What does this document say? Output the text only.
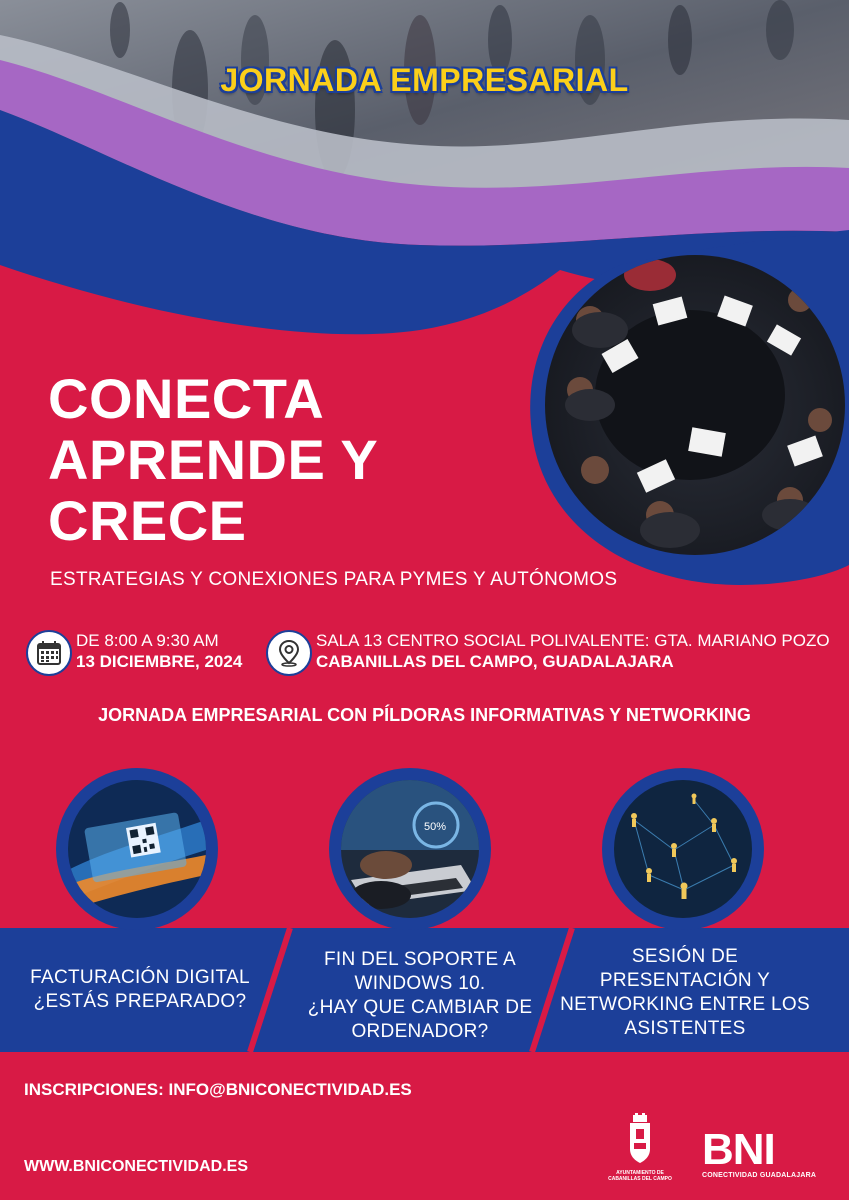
JORNADA EMPRESARIAL
CONECTA
APRENDE Y
CRECE
ESTRATEGIAS Y CONEXIONES PARA PYMES Y AUTÓNOMOS
DE 8:00 A 9:30 AM
13 DICIEMBRE, 2024
SALA 13 CENTRO SOCIAL POLIVALENTE: GTA. MARIANO POZO
CABANILLAS DEL CAMPO, GUADALAJARA
JORNADA EMPRESARIAL CON PÍLDORAS INFORMATIVAS Y NETWORKING
50%
FACTURACIÓN DIGITAL
¿ESTÁS PREPARADO?
FIN DEL SOPORTE A
WINDOWS 10.
¿HAY QUE CAMBIAR DE
ORDENADOR?
SESIÓN DE
PRESENTACIÓN Y
NETWORKING ENTRE LOS
ASISTENTES
INSCRIPCIONES: INFO@BNICONECTIVIDAD.ES
WWW.BNICONECTIVIDAD.ES	AYUNTAMIENTO DE
CABANILLAS DEL CAMPO
BNI
CONECTIVIDAD GUADALAJARA
